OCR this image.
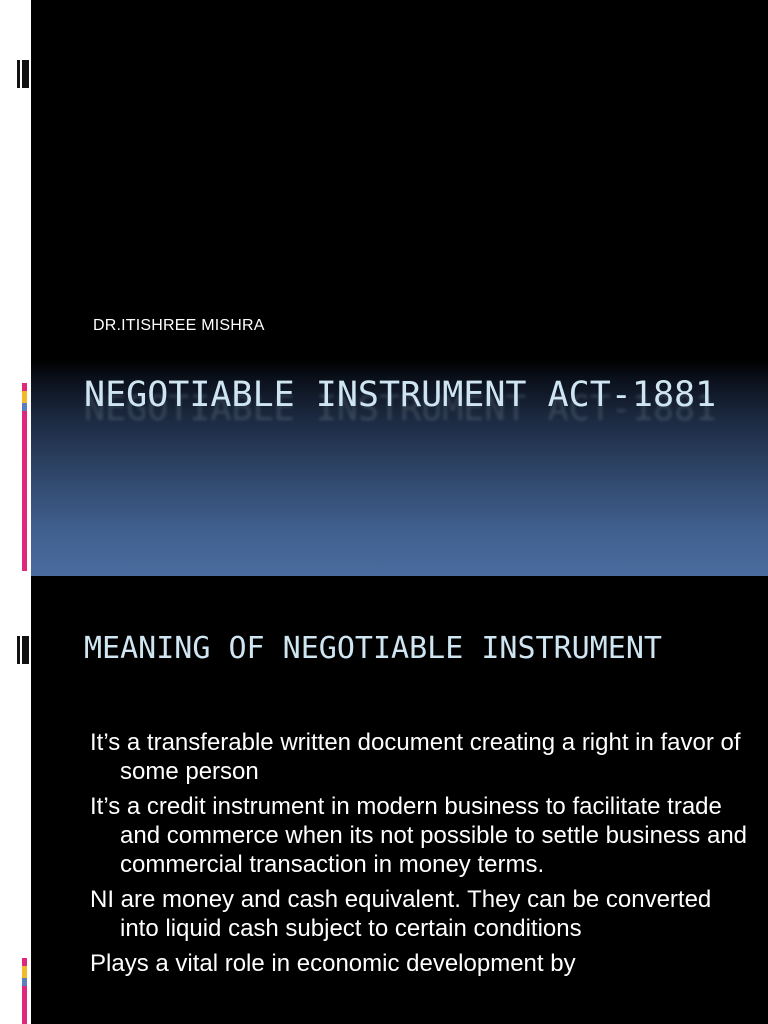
DR.ITISHREE MISHRA
NEGOTIABLE INSTRUMENT ACT-1881
MEANING OF NEGOTIABLE INSTRUMENT
It’s a transferable written document creating a right in favor of some person
It’s a credit instrument in modern business to facilitate trade and commerce when its not possible to settle business and commercial transaction in money terms.
NI are money and cash equivalent. They can be converted into liquid cash subject to certain conditions
Plays a vital role in economic development by
